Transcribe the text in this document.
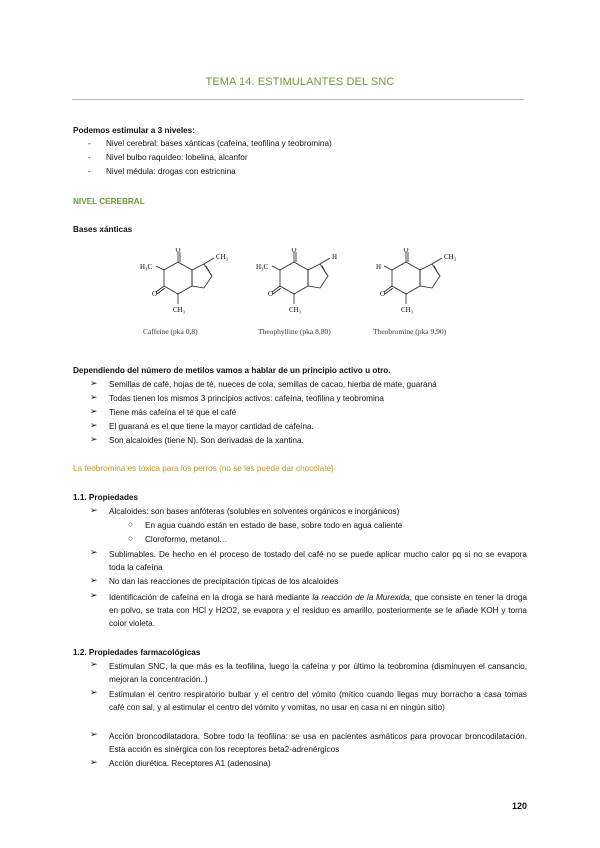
TEMA 14. ESTIMULANTES DEL SNC
Podemos estimular a 3 niveles:
- Nivel cerebral: bases xánticas (cafeína, teofilina y teobromina)
- Nivel bulbo raquídeo: lobelina, alcanfor
- Nivel médula: drogas con estricnina
NIVEL CEREBRAL
Bases xánticas
O
O
H₃C
CH₃
CH₃
Caffeine (pka 0,8)
O
O
H₃C
H
CH₃
Theophylline (pka 8,80)
O
O
H
CH₃
CH₃
Theobromine (pka 9,90)
Dependiendo del número de metilos vamos a hablar de un principio activo u otro.
➢ Semillas de café, hojas de té, nueces de cola, semillas de cacao, hierba de mate, guaraná
➢ Todas tienen los mismos 3 principios activos: cafeína, teofilina y teobromina
➢ Tiene más cafeína el té que el café
➢ El guaraná es el que tiene la mayor cantidad de cafeína.
➢ Son alcaloides (tiene N). Son derivadas de la xantina.
La teobromina es tóxica para los perros (no se les puede dar chocolate)
1.1. Propiedades
➢ Alcaloides: son bases anfóteras (solubles en solventes orgánicos e inorgánicos)
○ En agua cuando están en estado de base, sobre todo en agua caliente
○ Cloroformo, metanol…
➢ Sublimables. De hecho en el proceso de tostado del café no se puede aplicar mucho calor pq si no se evapora toda la cafeína
➢ No dan las reacciones de precipitación típicas de los alcaloides
➢ Identificación de cafeína en la droga se hará mediante la reacción de la Murexida, que consiste en tener la droga en polvo, se trata con HCl y H2O2, se evapora y el residuo es amarillo, posteriormente se le añade KOH y torna color violeta.
1.2. Propiedades farmacológicas
➢ Estimulan SNC, la que más es la teofilina, luego la cafeína y por último la teobromina (disminuyen el cansancio, mejoran la concentración..)
➢ Estimulan el centro respiratorio bulbar y el centro del vómito (mítico cuando llegas muy borracho a casa tomas café con sal, y al estimular el centro del vómito y vomitas, no usar en casa ni en ningún sitio)
➢ Acción broncodilatadora. Sobre todo la teofilina: se usa en pacientes asmáticos para provocar broncodilatación. Esta acción es sinérgica con los receptores beta2-adrenérgicos
➢ Acción diurética. Receptores A1 (adenosina)
120
